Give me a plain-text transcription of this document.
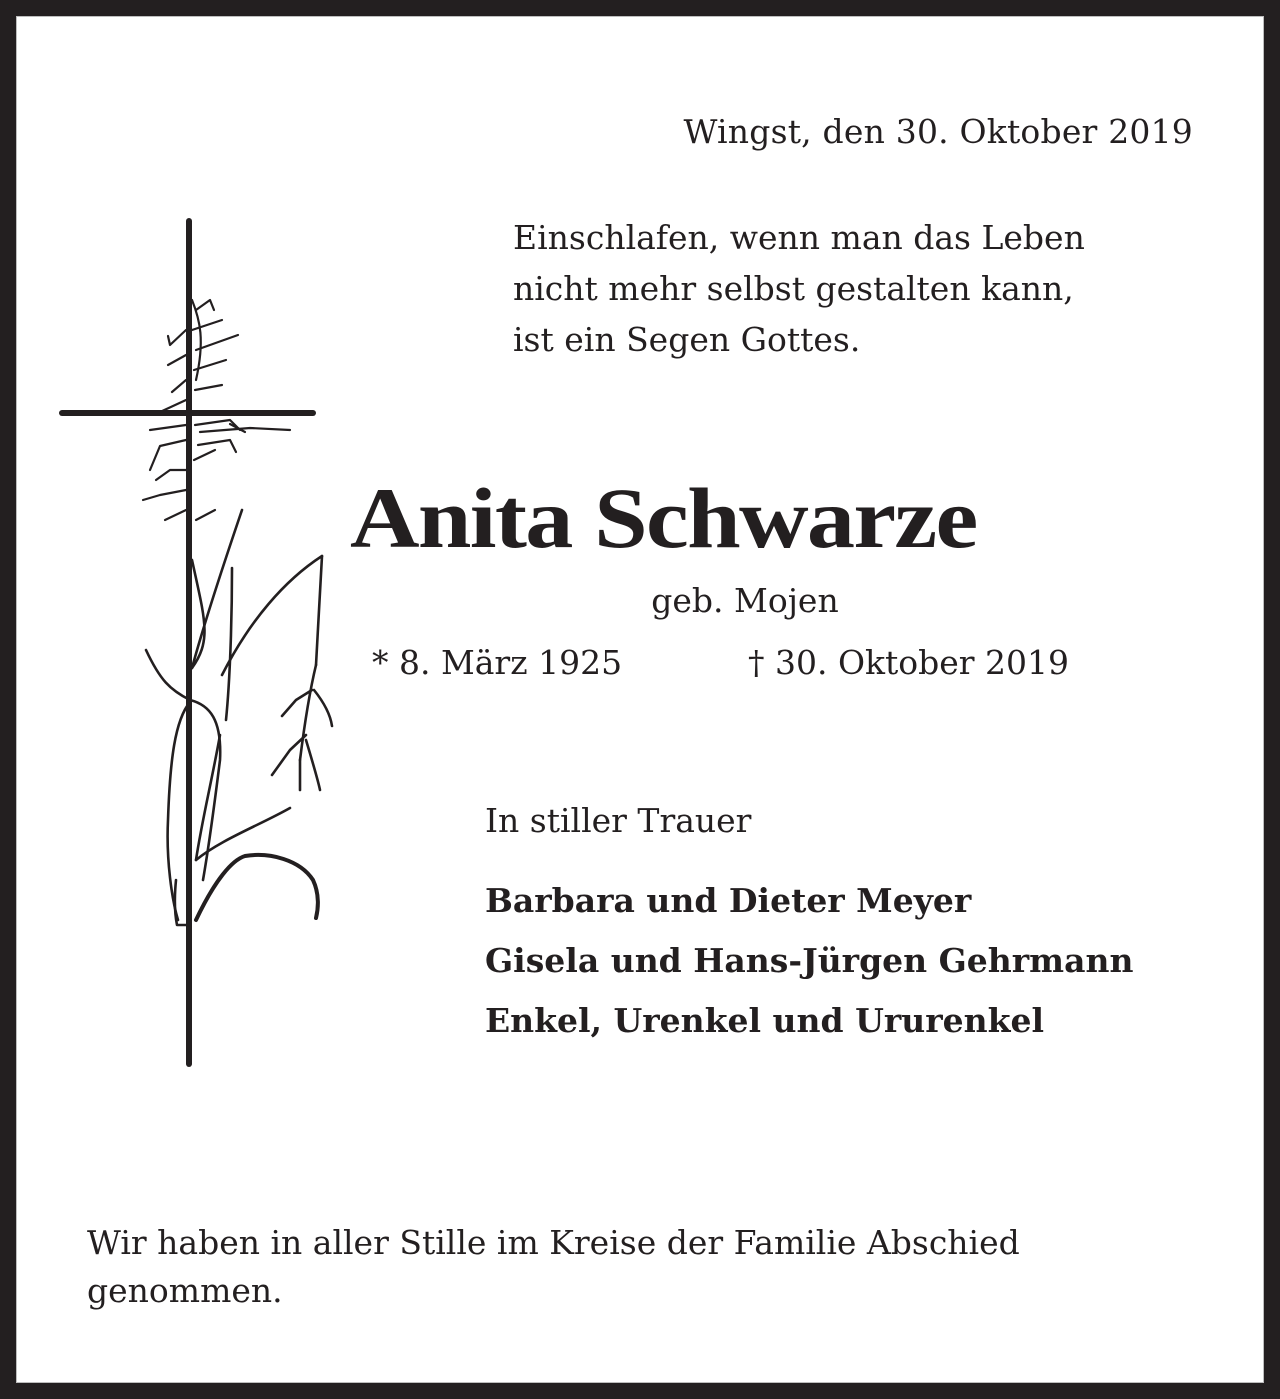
Wingst, den 30. Oktober 2019
Einschlafen, wenn man das Leben
nicht mehr selbst gestalten kann,
ist ein Segen Gottes.
Anita Schwarze
geb. Mojen
* 8. März 1925	† 30. Oktober 2019
In stiller Trauer
Barbara und Dieter Meyer
Gisela und Hans-Jürgen Gehrmann
Enkel, Urenkel und Ururenkel
Wir haben in aller Stille im Kreise der Familie Abschied genommen.
